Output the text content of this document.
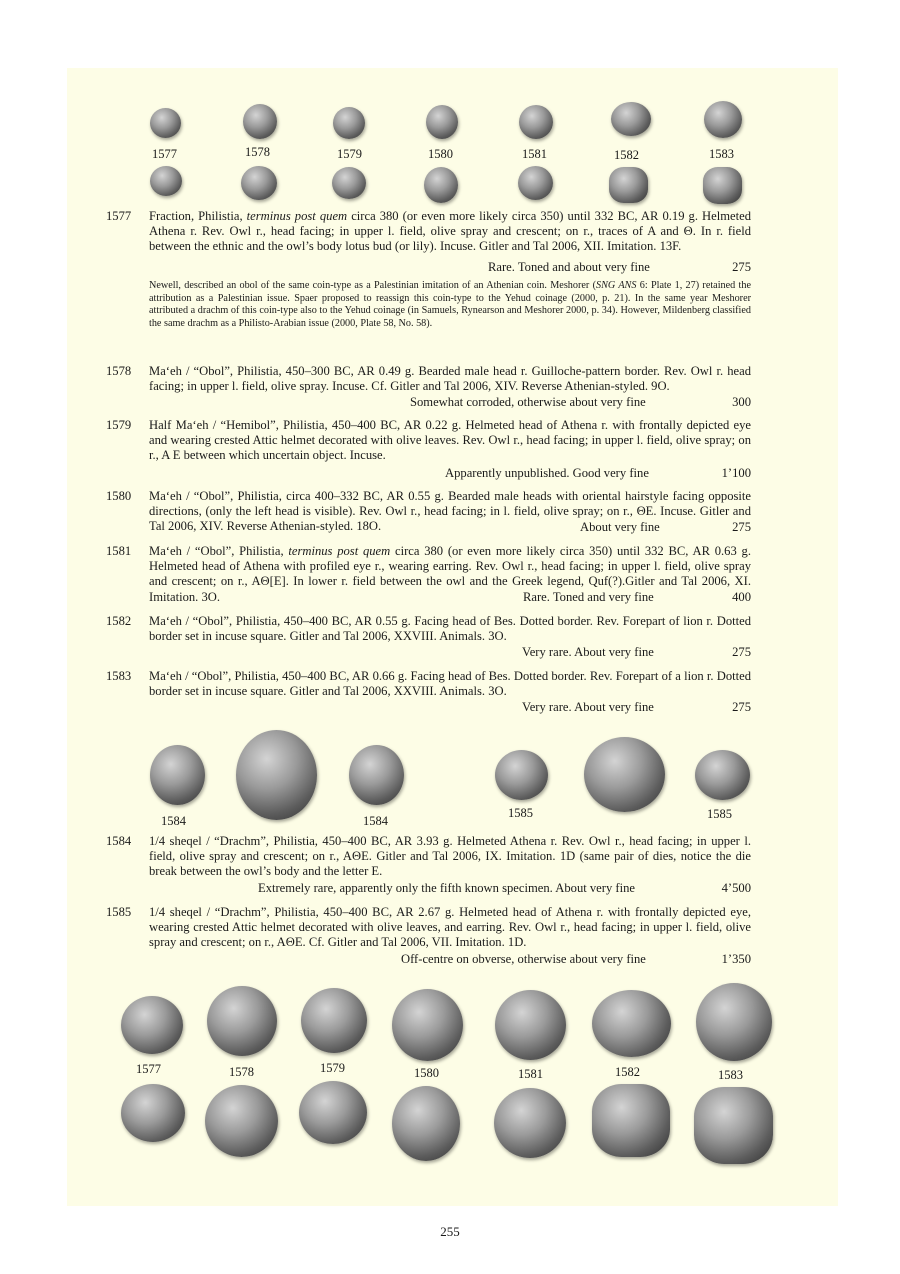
1577	1578	1579	1580	1581	1582	1583
1577 Fraction, Philistia, terminus post quem circa 380 (or even more likely circa 350) until 332 BC, AR 0.19 g. Helmeted Athena r. Rev. Owl r., head facing; in upper l. field, olive spray and crescent; on r., traces of A and Θ. In r. field between the ethnic and the owl’s body lotus bud (or lily). Incuse. Gitler and Tal 2006, XII. Imitation. 13F.
Rare. Toned and about very fine	275
Newell, described an obol of the same coin-type as a Palestinian imitation of an Athenian coin. Meshorer (SNG ANS 6: Plate 1, 27) retained the attribution as a Palestinian issue. Spaer proposed to reassign this coin-type to the Yehud coinage (2000, p. 21). In the same year Meshorer attributed a drachm of this coin-type also to the Yehud coinage (in Samuels, Rynearson and Meshorer 2000, p. 34). However, Mildenberg classified the same drachm as a Philisto-Arabian issue (2000, Plate 58, No. 58).
1578 Ma‘eh / “Obol”, Philistia, 450–300 BC, AR 0.49 g. Bearded male head r. Guilloche-pattern border. Rev. Owl r. head facing; in upper l. field, olive spray. Incuse. Cf. Gitler and Tal 2006, XIV. Reverse Athenian-styled. 9O.
Somewhat corroded, otherwise about very fine	300
1579 Half Ma‘eh / “Hemibol”, Philistia, 450–400 BC, AR 0.22 g. Helmeted head of Athena r. with frontally depicted eye and wearing crested Attic helmet decorated with olive leaves. Rev. Owl r., head facing; in upper l. field, olive spray; on r., A E between which uncertain object. Incuse.
Apparently unpublished. Good very fine	1’100
1580 Ma‘eh / “Obol”, Philistia, circa 400–332 BC, AR 0.55 g. Bearded male heads with oriental hairstyle facing opposite directions, (only the left head is visible). Rev. Owl r., head facing; in l. field, olive spray; on r., ΘE. Incuse. Gitler and Tal 2006, XIV. Reverse Athenian-styled. 18O.	About very fine	275
1581 Ma‘eh / “Obol”, Philistia, terminus post quem circa 380 (or even more likely circa 350) until 332 BC, AR 0.63 g. Helmeted head of Athena with profiled eye r., wearing earring. Rev. Owl r., head facing; in upper l. field, olive spray and crescent; on r., AΘ[E]. In lower r. field between the owl and the Greek legend, Quf(?).Gitler and Tal 2006, XI. Imitation. 3O.	Rare. Toned and very fine	400
1582 Ma‘eh / “Obol”, Philistia, 450–400 BC, AR 0.55 g. Facing head of Bes. Dotted border. Rev. Forepart of lion r. Dotted border set in incuse square. Gitler and Tal 2006, XXVIII. Animals. 3O.
Very rare. About very fine	275
1583 Ma‘eh / “Obol”, Philistia, 450–400 BC, AR 0.66 g. Facing head of Bes. Dotted border. Rev. Forepart of a lion r. Dotted border set in incuse square. Gitler and Tal 2006, XXVIII. Animals. 3O.
Very rare. About very fine	275
1584	1584
1585	1585
1584 1/4 sheqel / “Drachm”, Philistia, 450–400 BC, AR 3.93 g. Helmeted Athena r. Rev. Owl r., head facing; in upper l. field, olive spray and crescent; on r., AΘE. Gitler and Tal 2006, IX. Imitation. 1D (same pair of dies, notice the die break between the owl’s body and the letter E.
Extremely rare, apparently only the fifth known specimen. About very fine	4’500
1585 1/4 sheqel / “Drachm”, Philistia, 450–400 BC, AR 2.67 g. Helmeted head of Athena r. with frontally depicted eye, wearing crested Attic helmet decorated with olive leaves, and earring. Rev. Owl r., head facing; in upper l. field, olive spray and crescent; on r., AΘE. Cf. Gitler and Tal 2006, VII. Imitation. 1D.
Off-centre on obverse, otherwise about very fine	1’350
1577	1578	1579	1580	1581	1582	1583
255
